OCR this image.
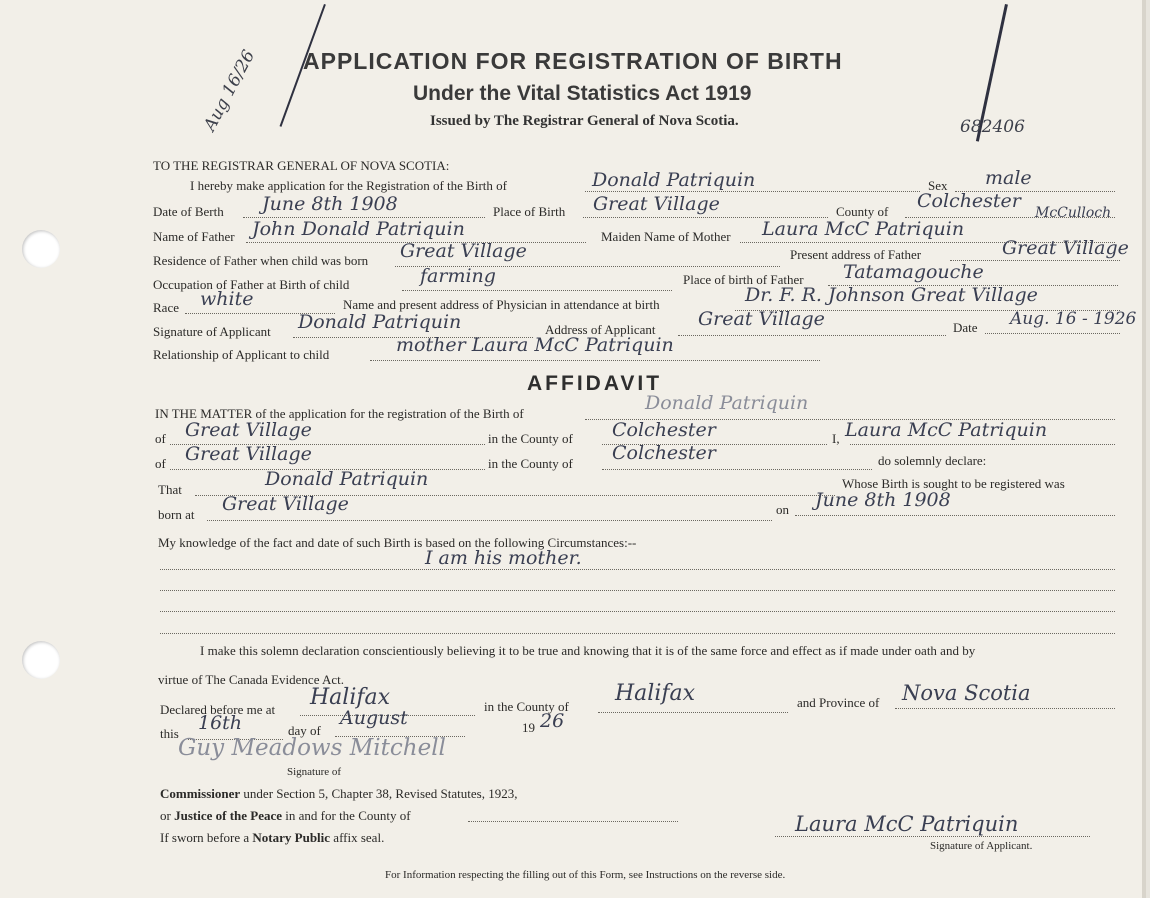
Aug 16/26	682406
APPLICATION FOR REGISTRATION OF BIRTH
Under the Vital Statistics Act 1919
Issued by The Registrar General of Nova Scotia.
TO THE REGISTRAR GENERAL OF NOVA SCOTIA:
I hereby make application for the Registration of the Birth of	Donald Patriquin	Sex male
Date of Berth June 8th 1908	Place of Birth Great Village	County of Colchester
Name of Father John Donald Patriquin	Maiden Name of Mother Laura McC Patriquin
McCulloch
Residence of Father when child was born Great Village	Present address of Father	Great Village
Occupation of Father at Birth of child	farming	Place of birth of Father Tatamagouche
Race white	Name and present address of Physician in attendance at birth	Dr. F. R. Johnson Great Village
Signature of Applicant Donald Patriquin	Address of Applicant Great Village	Date Aug. 16 - 1926
Relationship of Applicant to child	mother Laura McC Patriquin
AFFIDAVIT
IN THE MATTER of the application for the registration of the Birth of	Donald Patriquin
of Great Village	in the County of Colchester	I, Laura McC Patriquin
of Great Village	in the County of Colchester	do solemnly declare:
That	Donald Patriquin	Whose Birth is sought to be registered was
born at Great Village	on June 8th 1908
My knowledge of the fact and date of such Birth is based on the following Circumstances:--
I am his mother.
I make this solemn declaration conscientiously believing it to be true and knowing that it is of the same force and effect as if made under oath and by
virtue of The Canada Evidence Act.
Declared before me at Halifax	in the County of
Halifax	and Province of Nova Scotia
this 16th	day of
August	19 26
Guy Meadows Mitchell
Signature of
Commissioner under Section 5, Chapter 38, Revised Statutes, 1923,
or Justice of the Peace in and for the County of
If sworn before a Notary Public affix seal.
Laura McC Patriquin
Signature of Applicant.
For Information respecting the filling out of this Form, see Instructions on the reverse side.
